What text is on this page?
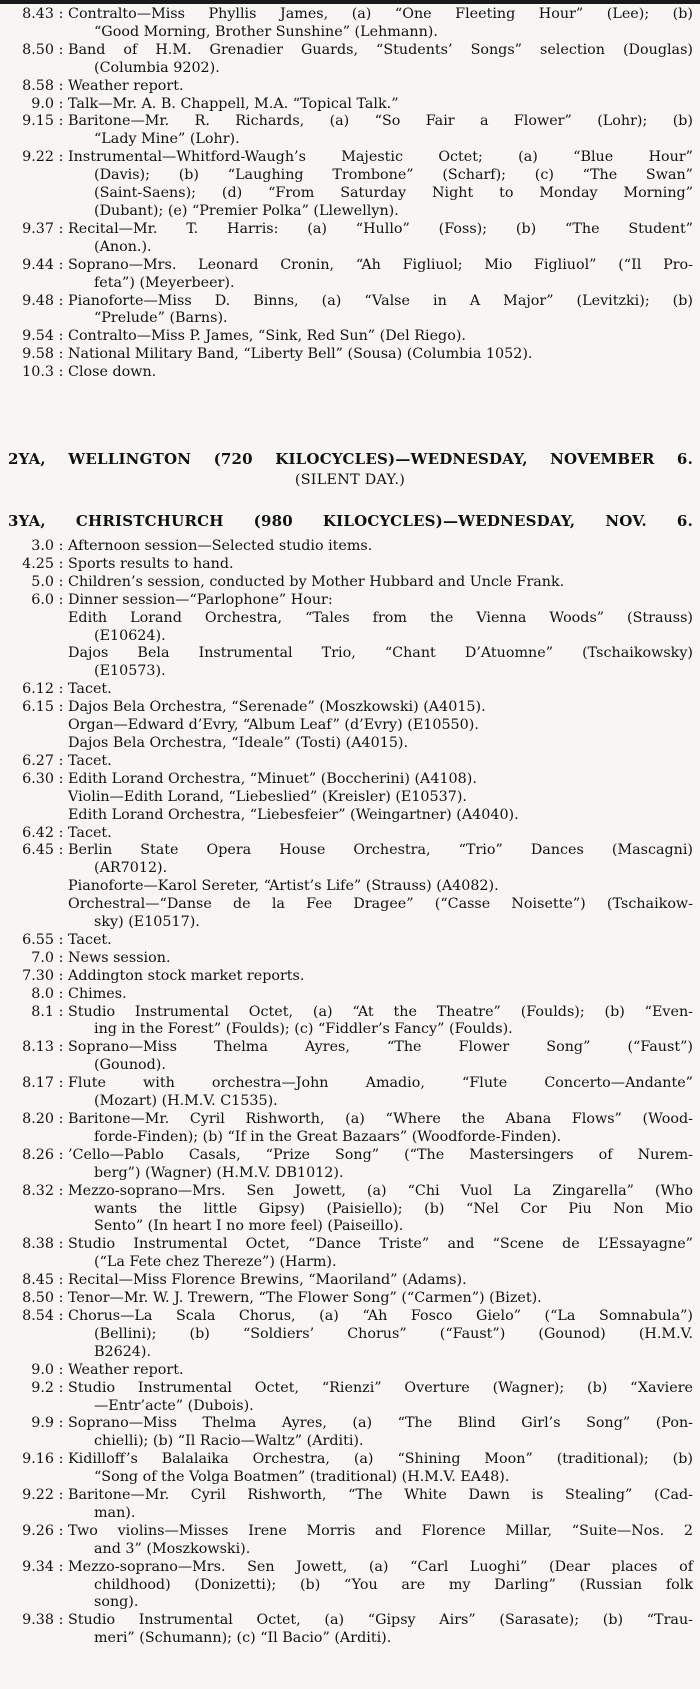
8.43 : Contralto—Miss Phyllis James, (a) “One Fleeting Hour” (Lee); (b)
“Good Morning, Brother Sunshine” (Lehmann).
8.50 : Band of H.M. Grenadier Guards, “Students’ Songs” selection (Douglas)
(Columbia 9202).
8.58 : Weather report.
9.0 : Talk—Mr. A. B. Chappell, M.A. “Topical Talk.”
9.15 : Baritone—Mr. R. Richards, (a) “So Fair a Flower” (Lohr); (b)
“Lady Mine” (Lohr).
9.22 : Instrumental—Whitford-Waugh’s Majestic Octet; (a) “Blue Hour”
(Davis); (b) “Laughing Trombone” (Scharf); (c) “The Swan”
(Saint-Saens); (d) “From Saturday Night to Monday Morning”
(Dubant); (e) “Premier Polka” (Llewellyn).
9.37 : Recital—Mr. T. Harris: (a) “Hullo” (Foss); (b) “The Student”
(Anon.).
9.44 : Soprano—Mrs. Leonard Cronin, “Ah Figliuol; Mio Figliuol” (“Il Pro-
feta”) (Meyerbeer).
9.48 : Pianoforte—Miss D. Binns, (a) “Valse in A Major” (Levitzki); (b)
“Prelude” (Barns).
9.54 : Contralto—Miss P. James, “Sink, Red Sun” (Del Riego).
9.58 : National Military Band, “Liberty Bell” (Sousa) (Columbia 1052).
10.3 : Close down.
2YA, WELLINGTON (720 KILOCYCLES)—WEDNESDAY, NOVEMBER 6.
(SILENT DAY.)
3YA, CHRISTCHURCH (980 KILOCYCLES)—WEDNESDAY, NOV. 6.
3.0 : Afternoon session—Selected studio items.
4.25 : Sports results to hand.
5.0 : Children’s session, conducted by Mother Hubbard and Uncle Frank.
6.0 : Dinner session—“Parlophone” Hour:
Edith Lorand Orchestra, “Tales from the Vienna Woods” (Strauss)
(E10624).
Dajos Bela Instrumental Trio, “Chant D’Atuomne” (Tschaikowsky)
(E10573).
6.12 : Tacet.
6.15 : Dajos Bela Orchestra, “Serenade” (Moszkowski) (A4015).
Organ—Edward d’Evry, “Album Leaf” (d’Evry) (E10550).
Dajos Bela Orchestra, “Ideale” (Tosti) (A4015).
6.27 : Tacet.
6.30 : Edith Lorand Orchestra, “Minuet” (Boccherini) (A4108).
Violin—Edith Lorand, “Liebeslied” (Kreisler) (E10537).
Edith Lorand Orchestra, “Liebesfeier” (Weingartner) (A4040).
6.42 : Tacet.
6.45 : Berlin State Opera House Orchestra, “Trio” Dances (Mascagni)
(AR7012).
Pianoforte—Karol Sereter, “Artist’s Life” (Strauss) (A4082).
Orchestral—“Danse de la Fee Dragee” (“Casse Noisette”) (Tschaikow-
sky) (E10517).
6.55 : Tacet.
7.0 : News session.
7.30 : Addington stock market reports.
8.0 : Chimes.
8.1 : Studio Instrumental Octet, (a) “At the Theatre” (Foulds); (b) “Even-
ing in the Forest” (Foulds); (c) “Fiddler’s Fancy” (Foulds).
8.13 : Soprano—Miss Thelma Ayres, “The Flower Song” (“Faust”)
(Gounod).
8.17 : Flute with orchestra—John Amadio, “Flute Concerto—Andante”
(Mozart) (H.M.V. C1535).
8.20 : Baritone—Mr. Cyril Rishworth, (a) “Where the Abana Flows” (Wood-
forde-Finden); (b) “If in the Great Bazaars” (Woodforde-Finden).
8.26 : ’Cello—Pablo Casals, “Prize Song” (“The Mastersingers of Nurem-
berg”) (Wagner) (H.M.V. DB1012).
8.32 : Mezzo-soprano—Mrs. Sen Jowett, (a) “Chi Vuol La Zingarella” (Who
wants the little Gipsy) (Paisiello); (b) “Nel Cor Piu Non Mio
Sento” (In heart I no more feel) (Paiseillo).
8.38 : Studio Instrumental Octet, “Dance Triste” and “Scene de L’Essayagne”
(“La Fete chez Thereze”) (Harm).
8.45 : Recital—Miss Florence Brewins, “Maoriland” (Adams).
8.50 : Tenor—Mr. W. J. Trewern, “The Flower Song” (“Carmen”) (Bizet).
8.54 : Chorus—La Scala Chorus, (a) “Ah Fosco Gielo” (“La Somnabula”)
(Bellini); (b) “Soldiers’ Chorus” (“Faust”) (Gounod) (H.M.V.
B2624).
9.0 : Weather report.
9.2 : Studio Instrumental Octet, “Rienzi” Overture (Wagner); (b) “Xaviere
—Entr’acte” (Dubois).
9.9 : Soprano—Miss Thelma Ayres, (a) “The Blind Girl’s Song” (Pon-
chielli); (b) “Il Racio—Waltz” (Arditi).
9.16 : Kidilloff’s Balalaika Orchestra, (a) “Shining Moon” (traditional); (b)
“Song of the Volga Boatmen” (traditional) (H.M.V. EA48).
9.22 : Baritone—Mr. Cyril Rishworth, “The White Dawn is Stealing” (Cad-
man).
9.26 : Two violins—Misses Irene Morris and Florence Millar, “Suite—Nos. 2
and 3” (Moszkowski).
9.34 : Mezzo-soprano—Mrs. Sen Jowett, (a) “Carl Luoghi” (Dear places of
childhood) (Donizetti); (b) “You are my Darling” (Russian folk
song).
9.38 : Studio Instrumental Octet, (a) “Gipsy Airs” (Sarasate); (b) “Trau-
meri” (Schumann); (c) “Il Bacio” (Arditi).
